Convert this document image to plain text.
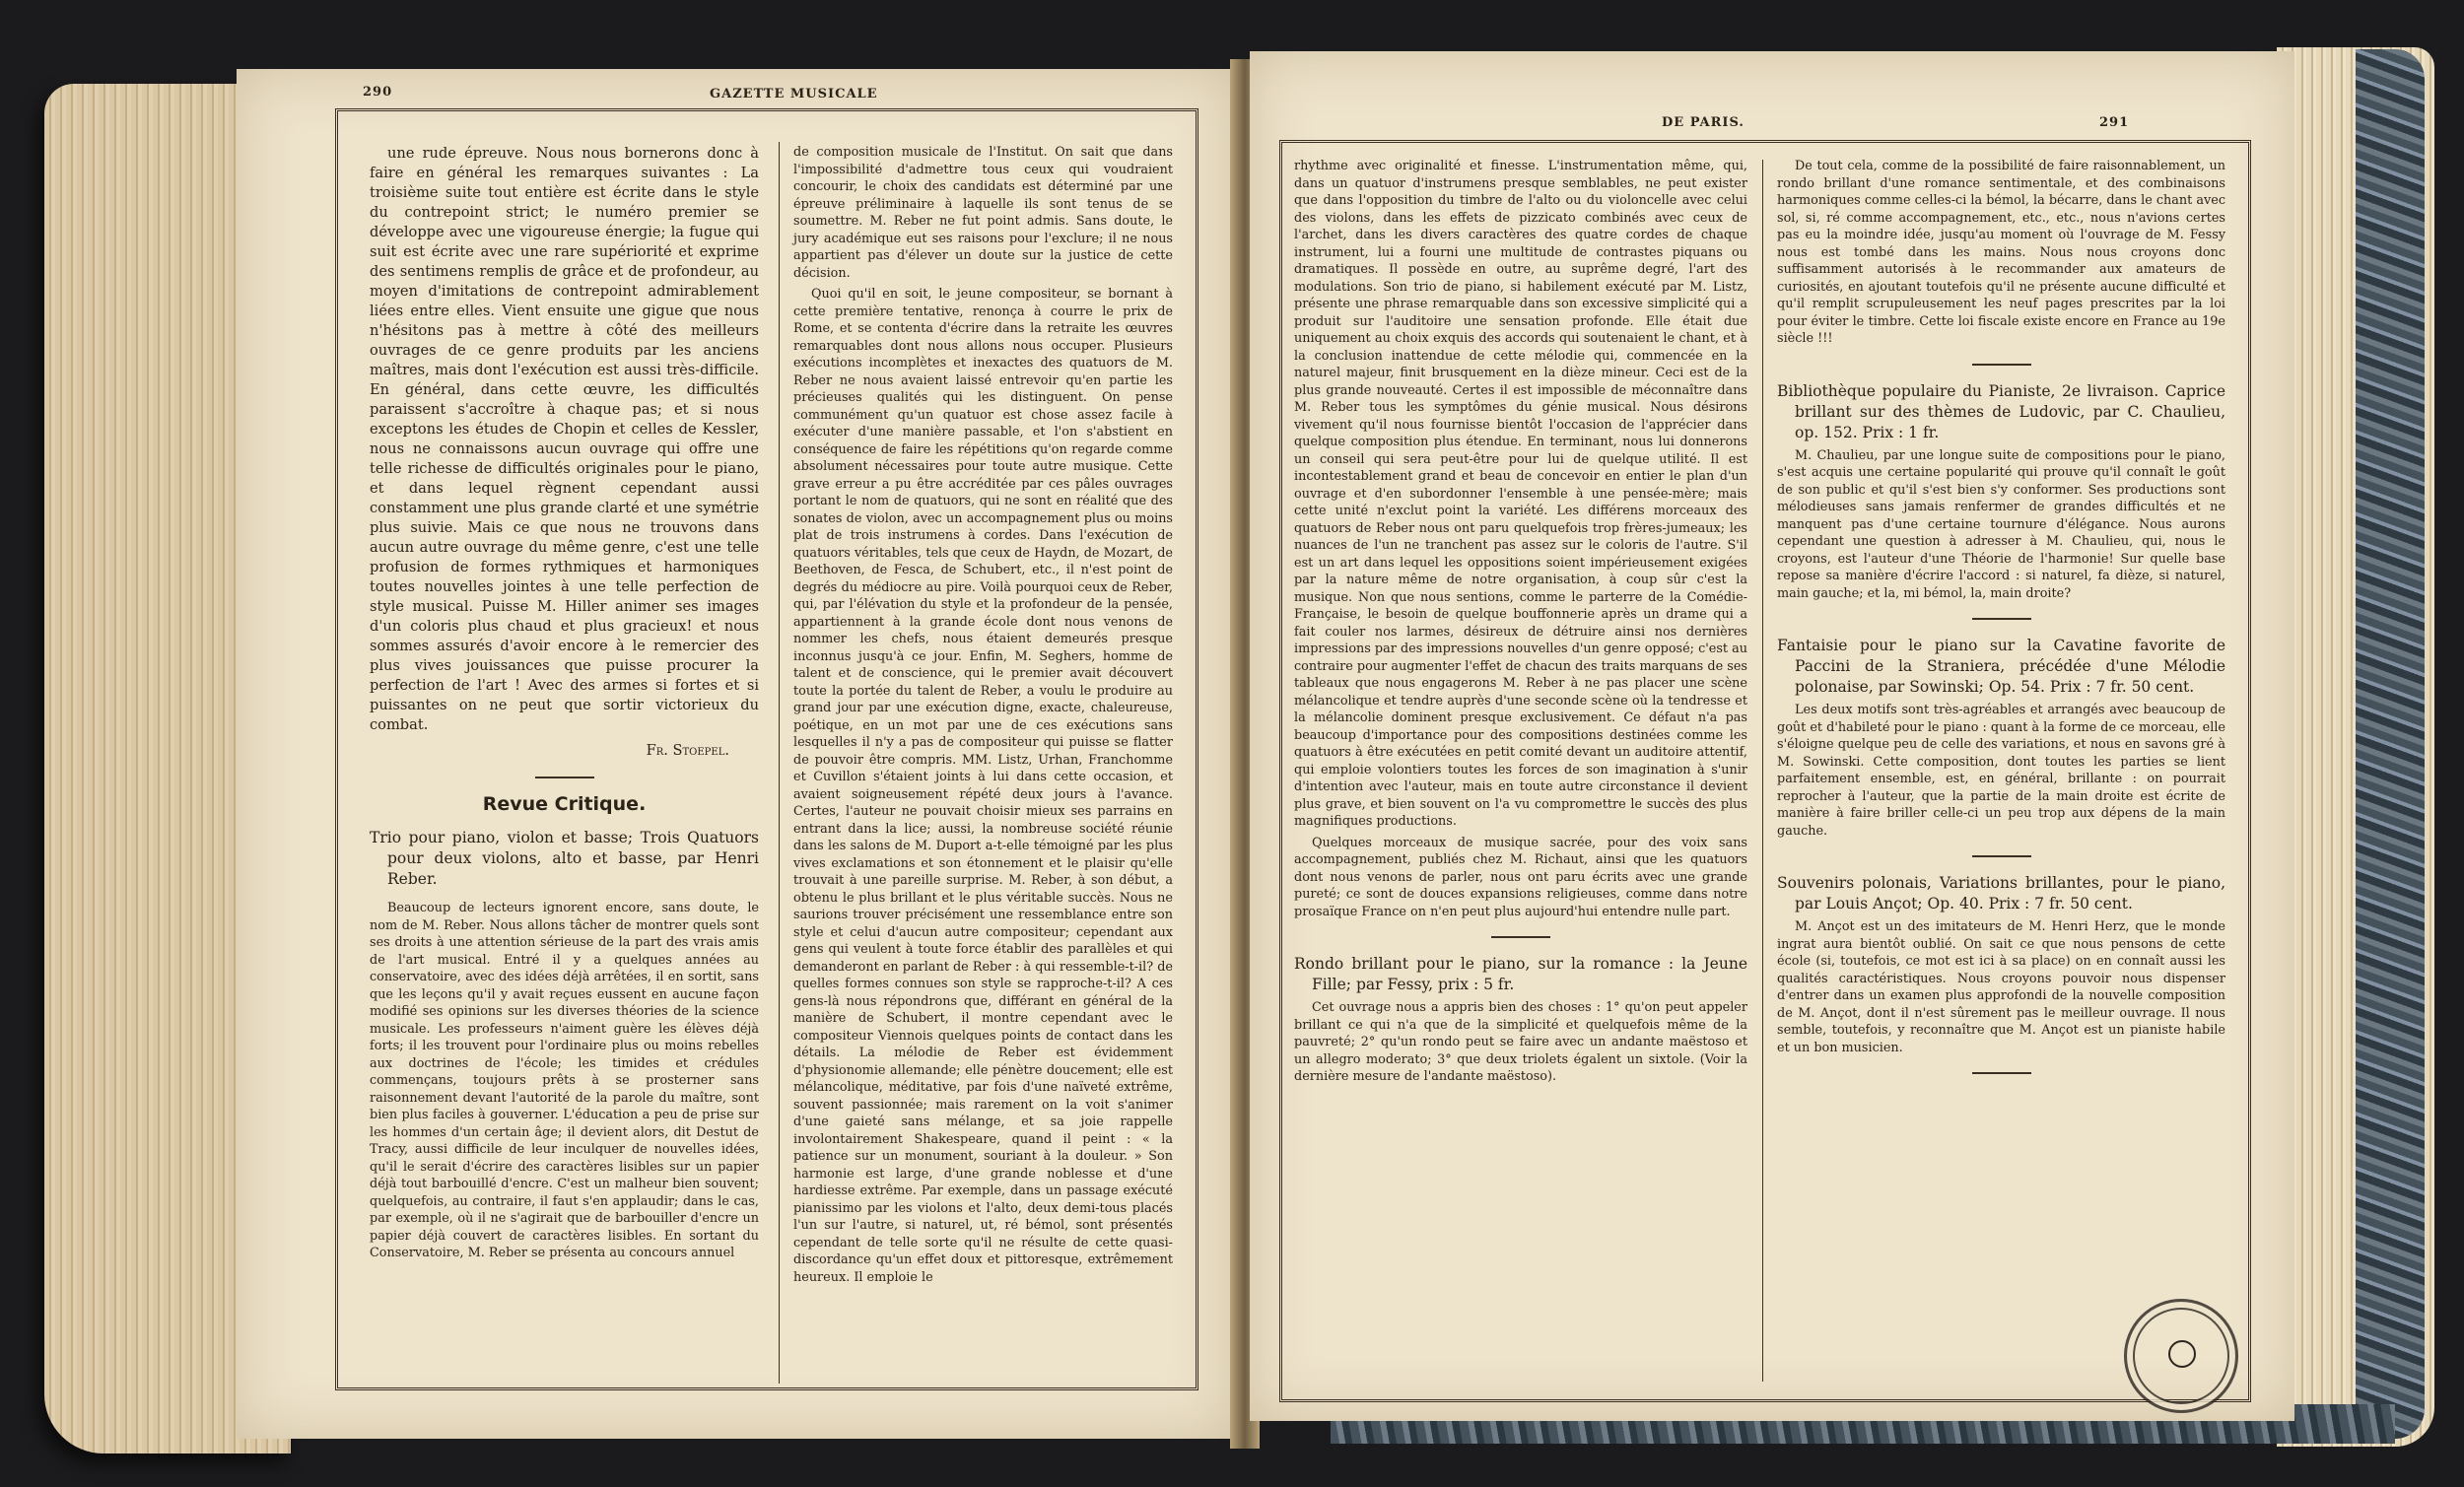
290	GAZETTE MUSICALE

une rude épreuve. Nous nous bornerons donc à faire en général les remarques suivantes : La troisième suite tout entière est écrite dans le style du contrepoint strict; le numéro premier se développe avec une vigoureuse énergie; la fugue qui suit est écrite avec une rare supériorité et exprime des sentimens remplis de grâce et de profondeur, au moyen d'imitations de contrepoint admirablement liées entre elles. Vient ensuite une gigue que nous n'hésitons pas à mettre à côté des meilleurs ouvrages de ce genre produits par les anciens maîtres, mais dont l'exécution est aussi très-difficile. En général, dans cette œuvre, les difficultés paraissent s'accroître à chaque pas; et si nous exceptons les études de Chopin et celles de Kessler, nous ne connaissons aucun ouvrage qui offre une telle richesse de difficultés originales pour le piano, et dans lequel règnent cependant aussi constamment une plus grande clarté et une symétrie plus suivie. Mais ce que nous ne trouvons dans aucun autre ouvrage du même genre, c'est une telle profusion de formes rythmiques et harmoniques toutes nouvelles jointes à une telle perfection de style musical. Puisse M. Hiller animer ses images d'un coloris plus chaud et plus gracieux! et nous sommes assurés d'avoir encore à le remercier des plus vives jouissances que puisse procurer la perfection de l'art ! Avec des armes si fortes et si puissantes on ne peut que sortir victorieux du combat.

Fr. Stoepel.
Revue Critique.

Trio pour piano, violon et basse; Trois Quatuors pour deux violons, alto et basse, par Henri Reber.

Beaucoup de lecteurs ignorent encore, sans doute, le nom de M. Reber. Nous allons tâcher de montrer quels sont ses droits à une attention sérieuse de la part des vrais amis de l'art musical. Entré il y a quelques années au conservatoire, avec des idées déjà arrêtées, il en sortit, sans que les leçons qu'il y avait reçues eussent en aucune façon modifié ses opinions sur les diverses théories de la science musicale. Les professeurs n'aiment guère les élèves déjà forts; il les trouvent pour l'ordinaire plus ou moins rebelles aux doctrines de l'école; les timides et crédules commençans, toujours prêts à se prosterner sans raisonnement devant l'autorité de la parole du maître, sont bien plus faciles à gouverner. L'éducation a peu de prise sur les hommes d'un certain âge; il devient alors, dit Destut de Tracy, aussi difficile de leur inculquer de nouvelles idées, qu'il le serait d'écrire des caractères lisibles sur un papier déjà tout barbouillé d'encre. C'est un malheur bien souvent; quelquefois, au contraire, il faut s'en applaudir; dans le cas, par exemple, où il ne s'agirait que de barbouiller d'encre un papier déjà couvert de caractères lisibles. En sortant du Conservatoire, M. Reber se présenta au concours annuel

de composition musicale de l'Institut. On sait que dans l'impossibilité d'admettre tous ceux qui voudraient concourir, le choix des candidats est déterminé par une épreuve préliminaire à laquelle ils sont tenus de se soumettre. M. Reber ne fut point admis. Sans doute, le jury académique eut ses raisons pour l'exclure; il ne nous appartient pas d'élever un doute sur la justice de cette décision.

Quoi qu'il en soit, le jeune compositeur, se bornant à cette première tentative, renonça à courre le prix de Rome, et se contenta d'écrire dans la retraite les œuvres remarquables dont nous allons nous occuper. Plusieurs exécutions incomplètes et inexactes des quatuors de M. Reber ne nous avaient laissé entrevoir qu'en partie les précieuses qualités qui les distinguent. On pense communément qu'un quatuor est chose assez facile à exécuter d'une manière passable, et l'on s'abstient en conséquence de faire les répétitions qu'on regarde comme absolument nécessaires pour toute autre musique. Cette grave erreur a pu être accréditée par ces pâles ouvrages portant le nom de quatuors, qui ne sont en réalité que des sonates de violon, avec un accompagnement plus ou moins plat de trois instrumens à cordes. Dans l'exécution de quatuors véritables, tels que ceux de Haydn, de Mozart, de Beethoven, de Fesca, de Schubert, etc., il n'est point de degrés du médiocre au pire. Voilà pourquoi ceux de Reber, qui, par l'élévation du style et la profondeur de la pensée, appartiennent à la grande école dont nous venons de nommer les chefs, nous étaient demeurés presque inconnus jusqu'à ce jour. Enfin, M. Seghers, homme de talent et de conscience, qui le premier avait découvert toute la portée du talent de Reber, a voulu le produire au grand jour par une exécution digne, exacte, chaleureuse, poétique, en un mot par une de ces exécutions sans lesquelles il n'y a pas de compositeur qui puisse se flatter de pouvoir être compris. MM. Listz, Urhan, Franchomme et Cuvillon s'étaient joints à lui dans cette occasion, et avaient soigneusement répété deux jours à l'avance. Certes, l'auteur ne pouvait choisir mieux ses parrains en entrant dans la lice; aussi, la nombreuse société réunie dans les salons de M. Duport a-t-elle témoigné par les plus vives exclamations et son étonnement et le plaisir qu'elle trouvait à une pareille surprise. M. Reber, à son début, a obtenu le plus brillant et le plus véritable succès. Nous ne saurions trouver précisément une ressemblance entre son style et celui d'aucun autre compositeur; cependant aux gens qui veulent à toute force établir des parallèles et qui demanderont en parlant de Reber : à qui ressemble-t-il? de quelles formes connues son style se rapproche-t-il? A ces gens-là nous répondrons que, différant en général de la manière de Schubert, il montre cependant avec le compositeur Viennois quelques points de contact dans les détails. La mélodie de Reber est évidemment d'physionomie allemande; elle pénètre doucement; elle est mélancolique, méditative, par fois d'une naïveté extrême, souvent passionnée; mais rarement on la voit s'animer d'une gaieté sans mélange, et sa joie rappelle involontairement Shakespeare, quand il peint : « la patience sur un monument, souriant à la douleur. » Son harmonie est large, d'une grande noblesse et d'une hardiesse extrême. Par exemple, dans un passage exécuté pianissimo par les violons et l'alto, deux demi-tous placés l'un sur l'autre, si naturel, ut, ré bémol, sont présentés cependant de telle sorte qu'il ne résulte de cette quasi-discordance qu'un effet doux et pittoresque, extrêmement heureux. Il emploie le

DE PARIS.	291

rhythme avec originalité et finesse. L'instrumentation même, qui, dans un quatuor d'instrumens presque semblables, ne peut exister que dans l'opposition du timbre de l'alto ou du violoncelle avec celui des violons, dans les effets de pizzicato combinés avec ceux de l'archet, dans les divers caractères des quatre cordes de chaque instrument, lui a fourni une multitude de contrastes piquans ou dramatiques. Il possède en outre, au suprême degré, l'art des modulations. Son trio de piano, si habilement exécuté par M. Listz, présente une phrase remarquable dans son excessive simplicité qui a produit sur l'auditoire une sensation profonde. Elle était due uniquement au choix exquis des accords qui soutenaient le chant, et à la conclusion inattendue de cette mélodie qui, commencée en la naturel majeur, finit brusquement en la dièze mineur. Ceci est de la plus grande nouveauté. Certes il est impossible de méconnaître dans M. Reber tous les symptômes du génie musical. Nous désirons vivement qu'il nous fournisse bientôt l'occasion de l'apprécier dans quelque composition plus étendue. En terminant, nous lui donnerons un conseil qui sera peut-être pour lui de quelque utilité. Il est incontestablement grand et beau de concevoir en entier le plan d'un ouvrage et d'en subordonner l'ensemble à une pensée-mère; mais cette unité n'exclut point la variété. Les différens morceaux des quatuors de Reber nous ont paru quelquefois trop frères-jumeaux; les nuances de l'un ne tranchent pas assez sur le coloris de l'autre. S'il est un art dans lequel les oppositions soient impérieusement exigées par la nature même de notre organisation, à coup sûr c'est la musique. Non que nous sentions, comme le parterre de la Comédie-Française, le besoin de quelque bouffonnerie après un drame qui a fait couler nos larmes, désireux de détruire ainsi nos dernières impressions par des impressions nouvelles d'un genre opposé; c'est au contraire pour augmenter l'effet de chacun des traits marquans de ses tableaux que nous engagerons M. Reber à ne pas placer une scène mélancolique et tendre auprès d'une seconde scène où la tendresse et la mélancolie dominent presque exclusivement. Ce défaut n'a pas beaucoup d'importance pour des compositions destinées comme les quatuors à être exécutées en petit comité devant un auditoire attentif, qui emploie volontiers toutes les forces de son imagination à s'unir d'intention avec l'auteur, mais en toute autre circonstance il devient plus grave, et bien souvent on l'a vu compromettre le succès des plus magnifiques productions.

Quelques morceaux de musique sacrée, pour des voix sans accompagnement, publiés chez M. Richaut, ainsi que les quatuors dont nous venons de parler, nous ont paru écrits avec une grande pureté; ce sont de douces expansions religieuses, comme dans notre prosaïque France on n'en peut plus aujourd'hui entendre nulle part.

Rondo brillant pour le piano, sur la romance : la Jeune Fille; par Fessy, prix : 5 fr.

Cet ouvrage nous a appris bien des choses : 1° qu'on peut appeler brillant ce qui n'a que de la simplicité et quelquefois même de la pauvreté; 2° qu'un rondo peut se faire avec un andante maëstoso et un allegro moderato; 3° que deux triolets égalent un sixtole. (Voir la dernière mesure de l'andante maëstoso).

De tout cela, comme de la possibilité de faire raisonnablement, un rondo brillant d'une romance sentimentale, et des combinaisons harmoniques comme celles-ci la bémol, la bécarre, dans le chant avec sol, si, ré comme accompagnement, etc., etc., nous n'avions certes pas eu la moindre idée, jusqu'au moment où l'ouvrage de M. Fessy nous est tombé dans les mains. Nous nous croyons donc suffisamment autorisés à le recommander aux amateurs de curiosités, en ajoutant toutefois qu'il ne présente aucune difficulté et qu'il remplit scrupuleusement les neuf pages prescrites par la loi pour éviter le timbre. Cette loi fiscale existe encore en France au 19e siècle !!!

Bibliothèque populaire du Pianiste, 2e livraison. Caprice brillant sur des thèmes de Ludovic, par C. Chaulieu, op. 152. Prix : 1 fr.

M. Chaulieu, par une longue suite de compositions pour le piano, s'est acquis une certaine popularité qui prouve qu'il connaît le goût de son public et qu'il s'est bien s'y conformer. Ses productions sont mélodieuses sans jamais renfermer de grandes difficultés et ne manquent pas d'une certaine tournure d'élégance. Nous aurons cependant une question à adresser à M. Chaulieu, qui, nous le croyons, est l'auteur d'une Théorie de l'harmonie! Sur quelle base repose sa manière d'écrire l'accord : si naturel, fa dièze, si naturel, main gauche; et la, mi bémol, la, main droite?

Fantaisie pour le piano sur la Cavatine favorite de Paccini de la Straniera, précédée d'une Mélodie polonaise, par Sowinski; Op. 54. Prix : 7 fr. 50 cent.

Les deux motifs sont très-agréables et arrangés avec beaucoup de goût et d'habileté pour le piano : quant à la forme de ce morceau, elle s'éloigne quelque peu de celle des variations, et nous en savons gré à M. Sowinski. Cette composition, dont toutes les parties se lient parfaitement ensemble, est, en général, brillante : on pourrait reprocher à l'auteur, que la partie de la main droite est écrite de manière à faire briller celle-ci un peu trop aux dépens de la main gauche.

Souvenirs polonais, Variations brillantes, pour le piano, par Louis Ançot; Op. 40. Prix : 7 fr. 50 cent.

M. Ançot est un des imitateurs de M. Henri Herz, que le monde ingrat aura bientôt oublié. On sait ce que nous pensons de cette école (si, toutefois, ce mot est ici à sa place) on en connaît aussi les qualités caractéristiques. Nous croyons pouvoir nous dispenser d'entrer dans un examen plus approfondi de la nouvelle composition de M. Ançot, dont il n'est sûrement pas le meilleur ouvrage. Il nous semble, toutefois, y reconnaître que M. Ançot est un pianiste habile et un bon musicien.
